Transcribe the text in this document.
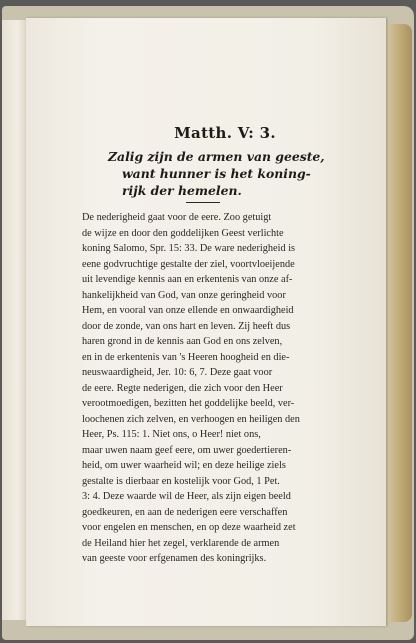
Matth. V: 3.
Zalig zijn de armen van geeste,
want hunner is het koning-
rijk der hemelen.
De nederigheid gaat voor de eere. Zoo getuigt
de wijze en door den goddelijken Geest verlichte
koning Salomo, Spr. 15: 33. De ware nederigheid is
eene godvruchtige gestalte der ziel, voortvloeijende
uit levendige kennis aan en erkentenis van onze af-
hankelijkheid van God, van onze geringheid voor
Hem, en vooral van onze ellende en onwaardigheid
door de zonde, van ons hart en leven. Zij heeft dus
haren grond in de kennis aan God en ons zelven,
en in de erkentenis van 's Heeren hoogheid en die-
neuswaardigheid, Jer. 10: 6, 7. Deze gaat voor
de eere. Regte nederigen, die zich voor den Heer
verootmoedigen, bezitten het goddelijke beeld, ver-
loochenen zich zelven, en verhoogen en heiligen den
Heer, Ps. 115: 1. Niet ons, o Heer! niet ons,
maar uwen naam geef eere, om uwer goedertieren-
heid, om uwer waarheid wil; en deze heilige ziels
gestalte is dierbaar en kostelijk voor God, 1 Pet.
3: 4. Deze waarde wil de Heer, als zijn eigen beeld
goedkeuren, en aan de nederigen eere verschaffen
voor engelen en menschen, en op deze waarheid zet
de Heiland hier het zegel, verklarende de armen
van geeste voor erfgenamen des koningrijks.
